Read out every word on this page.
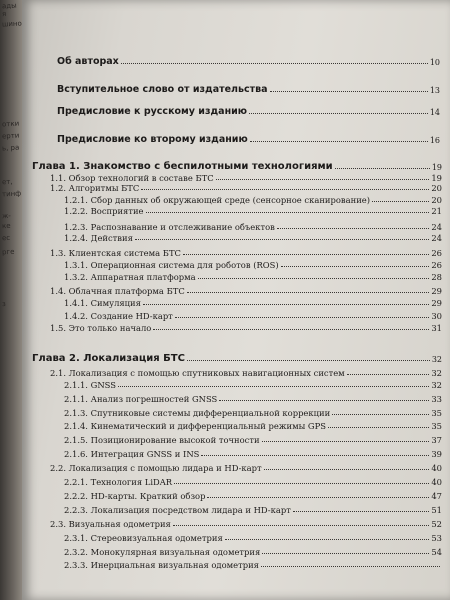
ады
я
шино
отки
ерти
ь, ра
ет,
тинф
ж-
ке
ес
рге
з
Об авторах	10
Вступительное слово от издательства	13
Предисловие к русскому изданию	14
Предисловие ко второму изданию	16
Глава 1. Знакомство с беспилотными технологиями	19
1.1. Обзор технологий в составе БТС	19
1.2. Алгоритмы БТС	20
1.2.1. Сбор данных об окружающей среде (сенсорное сканирование)	20
1.2.2. Восприятие	21
1.2.3. Распознавание и отслеживание объектов	24
1.2.4. Действия	24
1.3. Клиентская система БТС	26
1.3.1. Операционная система для роботов (ROS)	26
1.3.2. Аппаратная платформа	28
1.4. Облачная платформа БТС	29
1.4.1. Симуляция	29
1.4.2. Создание HD-карт	30
1.5. Это только начало	31
Глава 2. Локализация БТС	32
2.1. Локализация с помощью спутниковых навигационных систем	32
2.1.1. GNSS	32
2.1.1. Анализ погрешностей GNSS	33
2.1.3. Спутниковые системы дифференциальной коррекции	35
2.1.4. Кинематический и дифференциальный режимы GPS	35
2.1.5. Позиционирование высокой точности	37
2.1.6. Интеграция GNSS и INS	39
2.2. Локализация с помощью лидара и HD-карт	40
2.2.1. Технология LiDAR	40
2.2.2. HD-карты. Краткий обзор	47
2.2.3. Локализация посредством лидара и HD-карт	51
2.3. Визуальная одометрия	52
2.3.1. Стереовизуальная одометрия	53
2.3.2. Монокулярная визуальная одометрия	54
2.3.3. Инерциальная визуальная одометрия
